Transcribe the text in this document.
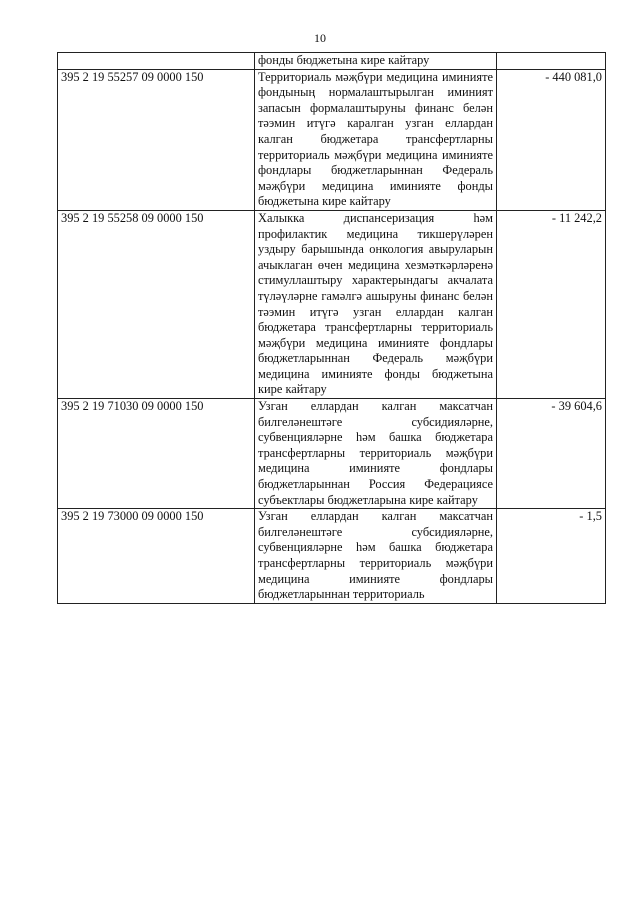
10
	фонды бюджетына кире кайтару	
395 2 19 55257 09 0000 150	Территориаль мәҗбүри медицина иминияте фондының нормалаштырылган иминият запасын формалаштыруны финанс белән тәэмин итүгә каралган узган еллардан калган бюджетара трансфертларны территориаль мәҗбүри медицина иминияте фондлары бюджетларыннан Федераль мәҗбүри медицина иминияте фонды бюджетына кире кайтару	- 440 081,0
395 2 19 55258 09 0000 150	Халыкка диспансеризация һәм профилактик медицина тикшерүләрен уздыру барышында онкология авыруларын ачыклаган өчен медицина хезмәткәрләренә стимуллаштыру характерындагы акчалата түләүләрне гамәлгә ашыруны финанс белән тәэмин итүгә узган еллардан калган бюджетара трансфертларны территориаль мәҗбүри медицина иминияте фондлары бюджетларыннан Федераль мәҗбүри медицина иминияте фонды бюджетына кире кайтару	- 11 242,2
395 2 19 71030 09 0000 150	Узган еллардан калган максатчан билгеләнештәге субсидияләрне, субвенцияләрне һәм башка бюджетара трансфертларны территориаль мәҗбүри медицина иминияте фондлары бюджетларыннан Россия Федерациясе субъектлары бюджетларына кире кайтару	- 39 604,6
395 2 19 73000 09 0000 150	Узган еллардан калган максатчан билгеләнештәге субсидияләрне, субвенцияләрне һәм башка бюджетара трансфертларны территориаль мәҗбүри медицина иминияте фондлары бюджетларыннан территориаль	- 1,5
